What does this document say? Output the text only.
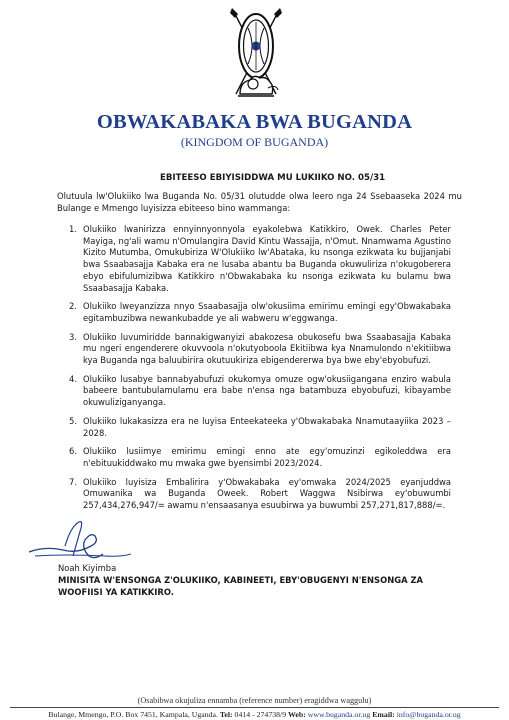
OBWAKABAKA BWA BUGANDA
(KINGDOM OF BUGANDA)
EBITEESO EBIYISIDDWA MU LUKIIKO NO. 05/31
Olutuula lw'Olukiiko lwa Buganda No. 05/31 olutudde olwa leero nga 24 Ssebaaseka 2024 mu Bulange e Mmengo luyisizza ebiteeso bino wammanga:
1. Olukiiko lwanirizza ennyinnyonnyola eyakolebwa Katikkiro, Owek. Charles Peter Mayiga, ng'ali wamu n'Omulangira David Kintu Wassajja, n'Omut. Nnamwama Agustino Kizito Mutumba, Omukubiriza W'Olukiiko lw'Abataka, ku nsonga ezikwata ku bujjanjabi bwa Ssaabasajja Kabaka era ne lusaba abantu ba Buganda okuwuliriza n'okugoberera ebyo ebifulumizibwa Katikkiro n'Obwakabaka ku nsonga ezikwata ku bulamu bwa Ssaabasajja Kabaka.
2. Olukiiko lweyanzizza nnyo Ssaabasajja olw'okusiima emirimu emingi egy'Obwakabaka egitambuzibwa newankubadde ye ali wabweru w'eggwanga.
3. Olukiiko luvumiridde bannakigwanyizi abakozesa obukosefu bwa Ssaabasajja Kabaka mu ngeri engenderere okuvvoola n'okutyoboola Ekitiibwa kya Nnamulondo n'ekitiibwa kya Buganda nga baluubirira okutuukiriza ebigendererwa bya bwe eby'ebyobufuzi.
4. Olukiiko lusabye bannabyabufuzi okukomya omuze ogw'okusiigangana enziro wabula babeere bantubulamulamu era babe n'ensa nga batambuza ebyobufuzi, kibayambe okuwuliziganyanga.
5. Olukiiko lukakasizza era ne luyisa Enteekateeka y'Obwakabaka Nnamutaayiika 2023 – 2028.
6. Olukiiko lusiimye emirimu emingi enno ate egy'omuzinzi egikoleddwa era n'ebituukiddwako mu mwaka gwe byensimbi 2023/2024.
7. Olukiiko luyisiza Embalirira y'Obwakabaka ey'omwaka 2024/2025 eyanjuddwa Omuwanika wa Buganda Oweek. Robert Waggwa Nsibirwa ey'obuwumbi 257,434,276,947/= awamu n'ensaasanya esuubirwa ya buwumbi 257,271,817,888/=.
Noah Kiyimba
MINISITA W'ENSONGA Z'OLUKIIKO, KABINEETI, EBY'OBUGENYI N'ENSONGA ZA WOOFIISI YA KATIKKIRO.
(Osabibwa okujuliza ennamba (reference number) eragiddwa waggulu)
Bulange, Mmengo, P.O. Box 7451, Kampala, Uganda. Tel: 0414 - 274738/9 Web: www.buganda.or.ug Email: info@buganda.or.ug
